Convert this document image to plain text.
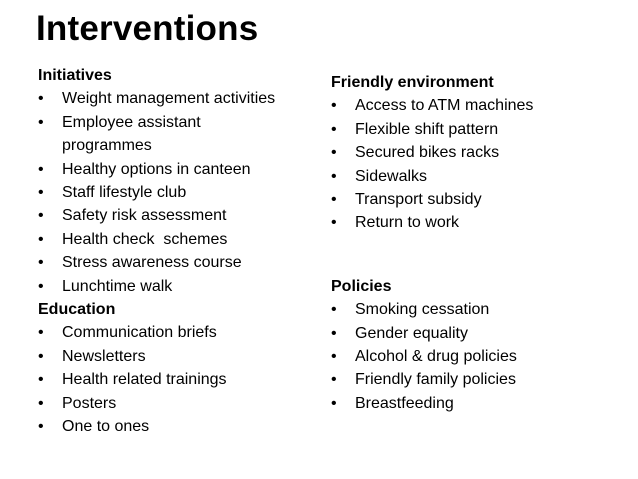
Interventions
Initiatives
• Weight management activities
• Employee assistant programmes
• Healthy options in canteen
• Staff lifestyle club
• Safety risk assessment
• Health check  schemes
• Stress awareness course
• Lunchtime walk
Education
• Communication briefs
• Newsletters
• Health related trainings
• Posters
• One to ones
Friendly environment
• Access to ATM machines
• Flexible shift pattern
• Secured bikes racks
• Sidewalks
• Transport subsidy
• Return to work
Policies
• Smoking cessation
• Gender equality
• Alcohol & drug policies
• Friendly family policies
• Breastfeeding
